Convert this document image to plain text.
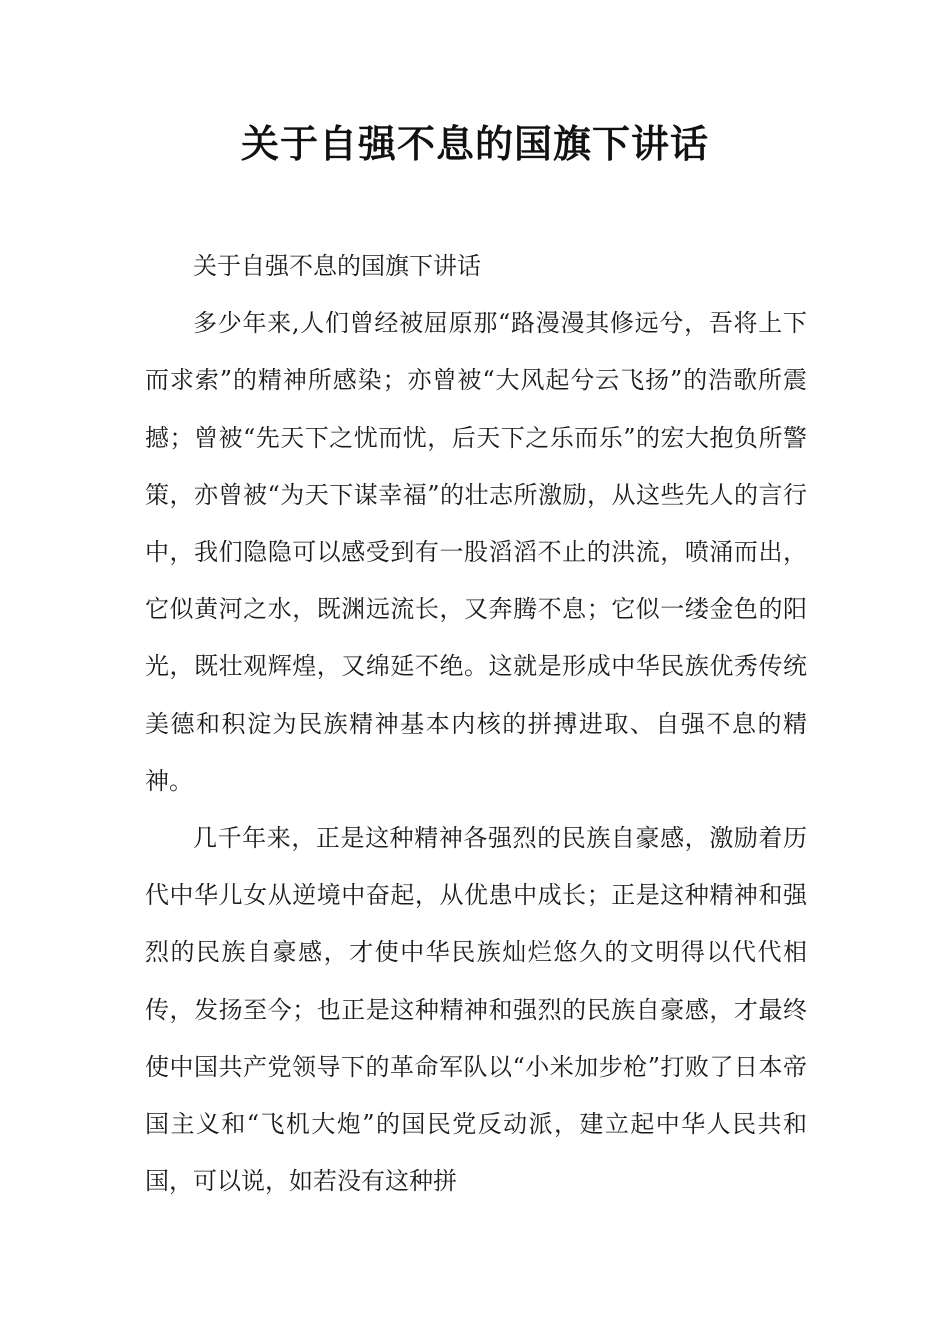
关于自强不息的国旗下讲话

关于自强不息的国旗下讲话

多少年来,人们曾经被屈原那“路漫漫其修远兮，吾将上下而求索”的精神所感染；亦曾被“大风起兮云飞扬”的浩歌所震撼；曾被“先天下之忧而忧，后天下之乐而乐”的宏大抱负所警策，亦曾被“为天下谋幸福”的壮志所激励，从这些先人的言行中，我们隐隐可以感受到有一股滔滔不止的洪流，喷涌而出，它似黄河之水，既渊远流长，又奔腾不息；它似一缕金色的阳光，既壮观辉煌，又绵延不绝。这就是形成中华民族优秀传统美德和积淀为民族精神基本内核的拼搏进取、自强不息的精神。

几千年来，正是这种精神各强烈的民族自豪感，激励着历代中华儿女从逆境中奋起，从优患中成长；正是这种精神和强烈的民族自豪感，才使中华民族灿烂悠久的文明得以代代相传，发扬至今；也正是这种精神和强烈的民族自豪感，才最终使中国共产党领导下的革命军队以“小米加步枪”打败了日本帝国主义和“飞机大炮”的国民党反动派，建立起中华人民共和国，可以说，如若没有这种拼
